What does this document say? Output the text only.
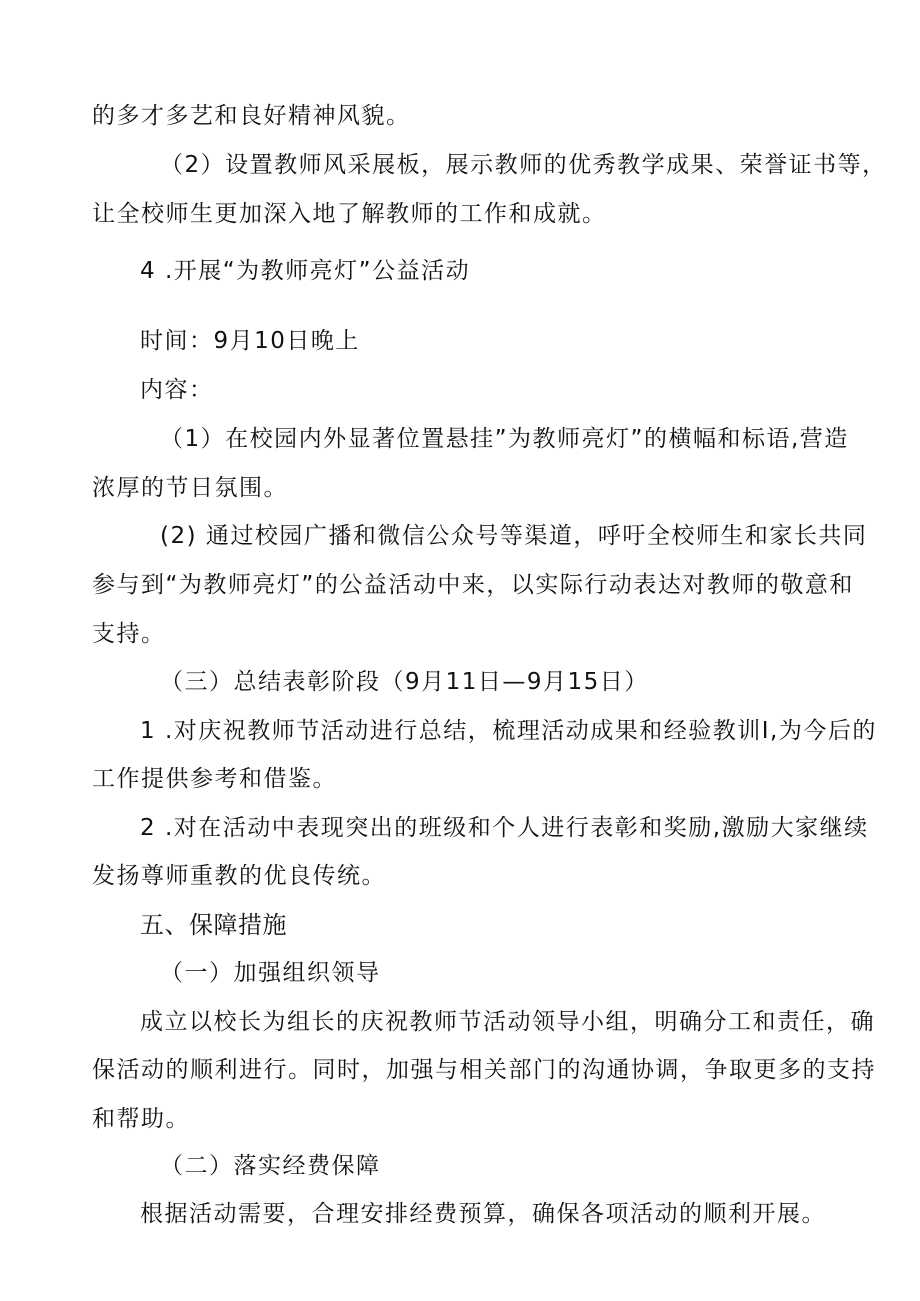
的多才多艺和良好精神风貌。
（2）设置教师风采展板，展示教师的优秀教学成果、荣誉证书等，
让全校师生更加深入地了解教师的工作和成就。
4 .开展“为教师亮灯”公益活动
时间：9月10日晚上
内容：
（1）在校园内外显著位置悬挂”为教师亮灯”的横幅和标语,营造
浓厚的节日氛围。
(2) 通过校园广播和微信公众号等渠道，呼吁全校师生和家长共同
参与到“为教师亮灯”的公益活动中来，以实际行动表达对教师的敬意和
支持。
（三）总结表彰阶段（9月11日—9月15日）
1 .对庆祝教师节活动进行总结，梳理活动成果和经验教训I,为今后的
工作提供参考和借鉴。
2 .对在活动中表现突出的班级和个人进行表彰和奖励,激励大家继续
发扬尊师重教的优良传统。
五、保障措施
（一）加强组织领导
成立以校长为组长的庆祝教师节活动领导小组，明确分工和责任，确
保活动的顺利进行。同时，加强与相关部门的沟通协调，争取更多的支持
和帮助。
（二）落实经费保障
根据活动需要，合理安排经费预算，确保各项活动的顺利开展。
